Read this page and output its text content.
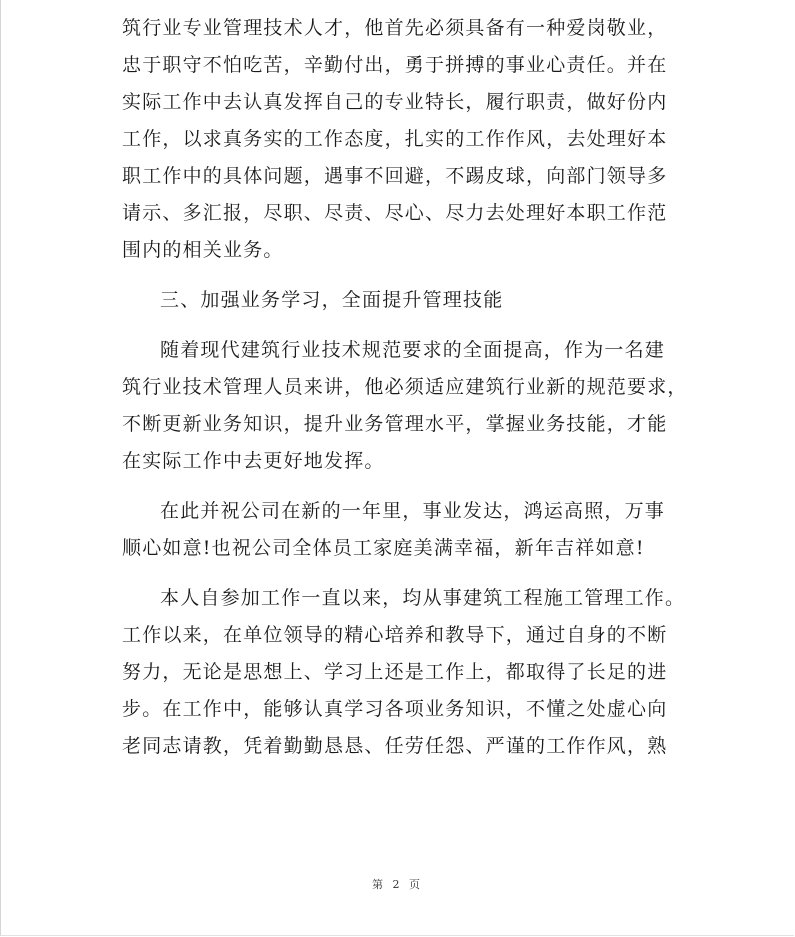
筑行业专业管理技术人才，他首先必须具备有一种爱岗敬业，
忠于职守不怕吃苦，辛勤付出，勇于拼搏的事业心责任。并在
实际工作中去认真发挥自己的专业特长，履行职责，做好份内
工作，以求真务实的工作态度，扎实的工作作风，去处理好本
职工作中的具体问题，遇事不回避，不踢皮球，向部门领导多
请示、多汇报，尽职、尽责、尽心、尽力去处理好本职工作范
围内的相关业务。
三、加强业务学习，全面提升管理技能
随着现代建筑行业技术规范要求的全面提高，作为一名建
筑行业技术管理人员来讲，他必须适应建筑行业新的规范要求，
不断更新业务知识，提升业务管理水平，掌握业务技能，才能
在实际工作中去更好地发挥。
在此并祝公司在新的一年里，事业发达，鸿运高照，万事
顺心如意!也祝公司全体员工家庭美满幸福，新年吉祥如意!
本人自参加工作一直以来，均从事建筑工程施工管理工作。
工作以来，在单位领导的精心培养和教导下，通过自身的不断
努力，无论是思想上、学习上还是工作上，都取得了长足的进
步。在工作中，能够认真学习各项业务知识，不懂之处虚心向
老同志请教，凭着勤勤恳恳、任劳任怨、严谨的工作作风，熟
第 2 页
